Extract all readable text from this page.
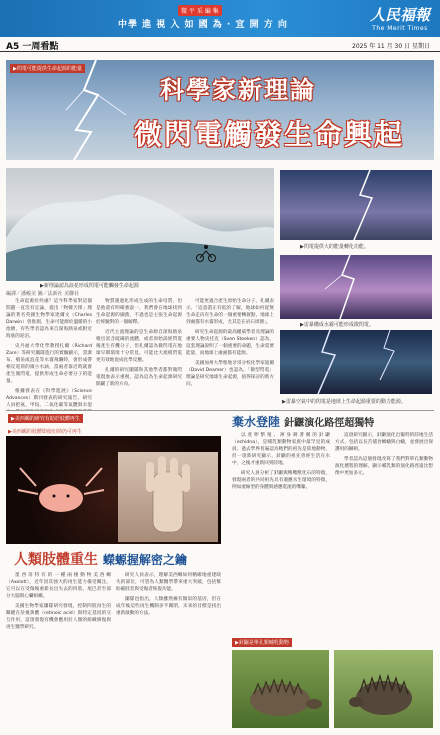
微 平 采 編 集
中學 進 視 入 如 國 為 · 宜 開 方 向
人民福報
The Merit Times
A5 一周看點	2025 年 11 月 30 日 星期日
▶閃電可能提供生命起源的能量
科學家新理論
微閃電觸發生命興起
▶新理論認為浪花形成閃電可能觸發生命起源
編譯／潘峻美 圖／法新社 美聯社

生命起源於何處？這今科學家對這個問題一直沒有定論，提出「物競天擇」理論的著名英國生物學家達爾文（Charles Darwin）曾推測，生命可能源於溫暖的小池塘，有些學者認為來自深海熱泉或附近海底的泥沼。

史丹福大學化學教授扎爾（Richard Zare）等研究團隊進行的實驗顯示，當瀑布、噴泉或浪花等水霧飛濺時，會形成帶相反電荷的微小水滴，當兩者靠近時就會產生微閃電，提供形成生命必要分子的能量。

根據發表在《科學進展》（Science Advances）期刊發表的研究報告，研究人員把氨、甲烷、二氧化碳等氣體與水混

物質遇過化形成生成的生命母質，但是他還有明確強說一，我們會在地球找到生命起源的細菌，不過也是主張生命起源於經驗對的一個解釋。

近代主流理論的是生命源自深海熱泉噴出富含硫磺的流體，或者原始湯經閃電後產生有機分子，但扎爾認為微閃電在地球早期環境十分常見，可能比大規模閃電更有效地促成化學反應。

扎爾的研究團隊和其他學者都對微閃電現象表示重視，認為這為生命起源研究開闢了新的方向。

可能更適合產生原始生命分子。扎爾表示，「這意謂正有低的了解，地球如何從無生命走向有生命的一個重要轉捩點，地球上到處都有水霧形成，尤其是在岩石周圍」。

研究生命起源的最高權威學者及理論的重要人物史托克（Sven Stoeken）認為，這套理論說明了一個重要的命題，生命需要能量，而地球上處處都有能源。

美國加州大學聖地牙哥分校化學家迪爾（David Deamer）也認為，「微型閃電」理論是研究地球生命起源，值得探討的新方向。

▶閃電提供大的能量轉化功能。
▶雷暴構成水霧可能形成微閃電。
▶雷暴空氣中的閃電是地球上生命起源重要的動力能源。
▶美西螈的研究有助於肢體再生
▶美西螈的肢體即使切掉仍可再生
人類肢體重生 蠑螈握解密之鑰

墨西哥特有的一種兩棲動物美西螈（Axolotl），近年因其強大的再生能力備受關注。它可以在受傷後重新長出失去的四肢、尾巴甚至部分大腦與心臟組織。

美國生物學家團隊研究發現，控制四肢再生的關鍵在於視黃酸（retinoic acid）與特定基因的交互作用，這項發現有機會應用於人類的組織修復與再生醫學研究。

研究人員表示，理解美西螈如何精確地重建缺失的部位，可望為人類醫學帶來重大突破，包括幫助截肢者與受傷者恢復功能。

團隊也指出，人類雖然擁有類似的基因，但在成年後這些再生機制多半關閉，未來的目標是找出重新啟動的方法。

棄水登陸 針鼴演化路徑超獨特

以產卵繁殖、渾身刺著稱的針鼴（echidna），是哺乳類動物家族中最罕見的成員。過去學界普遍認為牠們的祖先是陸地動物，但一項新研究顯示，針鼴的祖先曾經生活在水中，之後才重新回到陸地。

研究人員分析了針鼴與鴨嘴獸化石的特徵，發現兩者的共同祖先具有適應水生環境的特徵，例如流線型的身體與感應電流的嘴喙。

這項研究顯示，針鼴演化出獨特的陸地生活方式，包括以長舌捕食螞蟻與白蟻，並發展出保護用的棘刺。

學者認為這個發現改寫了我們對單孔類動物演化歷程的理解，顯示哺乳類的演化路徑遠比想像中更加多元。

▶針鼴是單孔類哺乳動物
